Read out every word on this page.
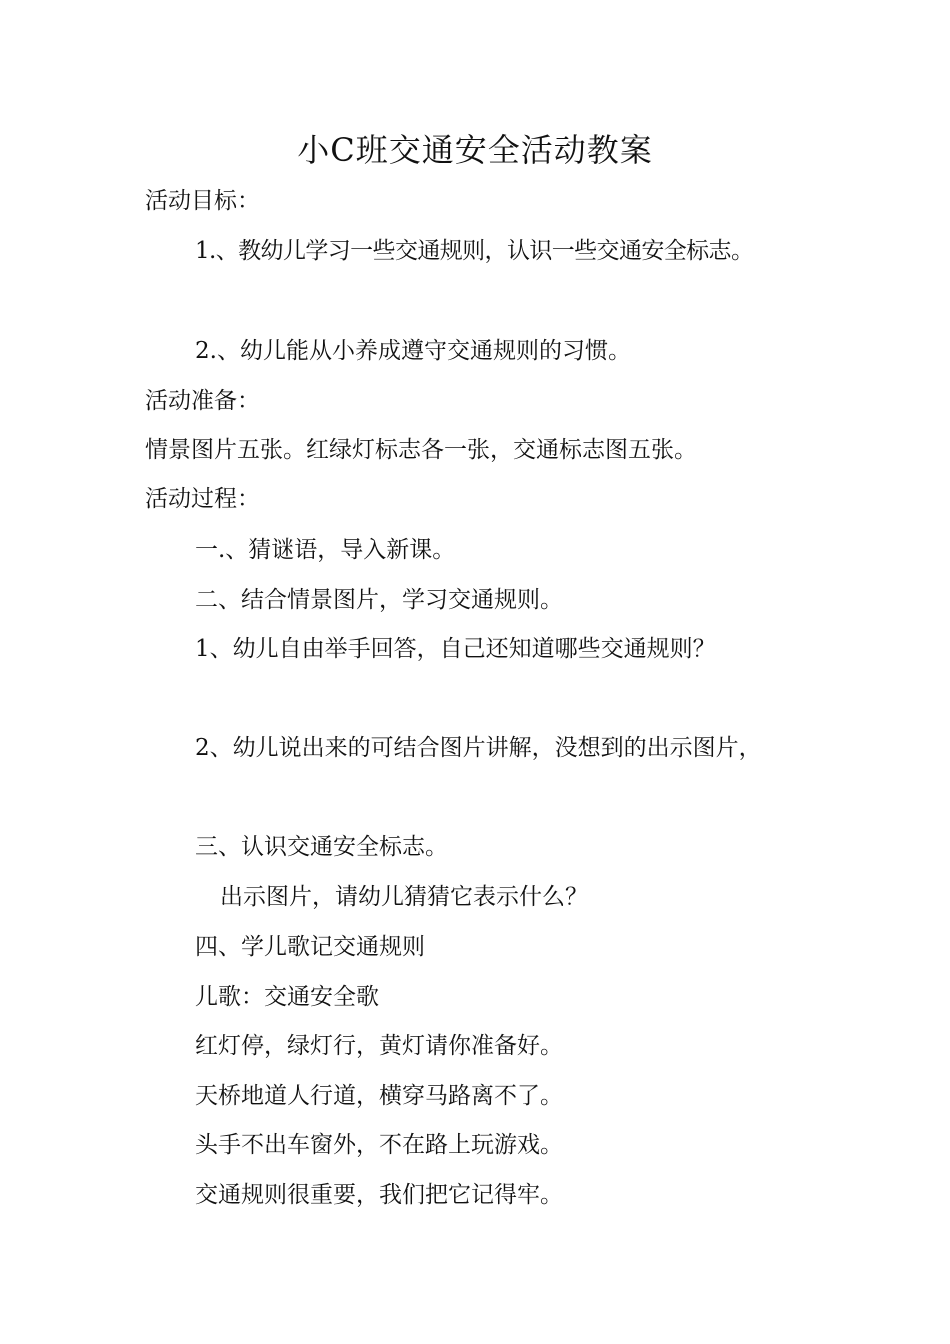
小C班交通安全活动教案
活动目标：
1.、教幼儿学习一些交通规则，认识一些交通安全标志。
2.、幼儿能从小养成遵守交通规则的习惯。
活动准备：
情景图片五张。红绿灯标志各一张，交通标志图五张。
活动过程：
一.、猜谜语，导入新课。
二、结合情景图片，学习交通规则。
1、幼儿自由举手回答，自己还知道哪些交通规则？
2、幼儿说出来的可结合图片讲解，没想到的出示图片，
三、认识交通安全标志。
出示图片，请幼儿猜猜它表示什么？
四、学儿歌记交通规则
儿歌：交通安全歌
红灯停，绿灯行，黄灯请你准备好。
天桥地道人行道，横穿马路离不了。
头手不出车窗外，不在路上玩游戏。
交通规则很重要，我们把它记得牢。
